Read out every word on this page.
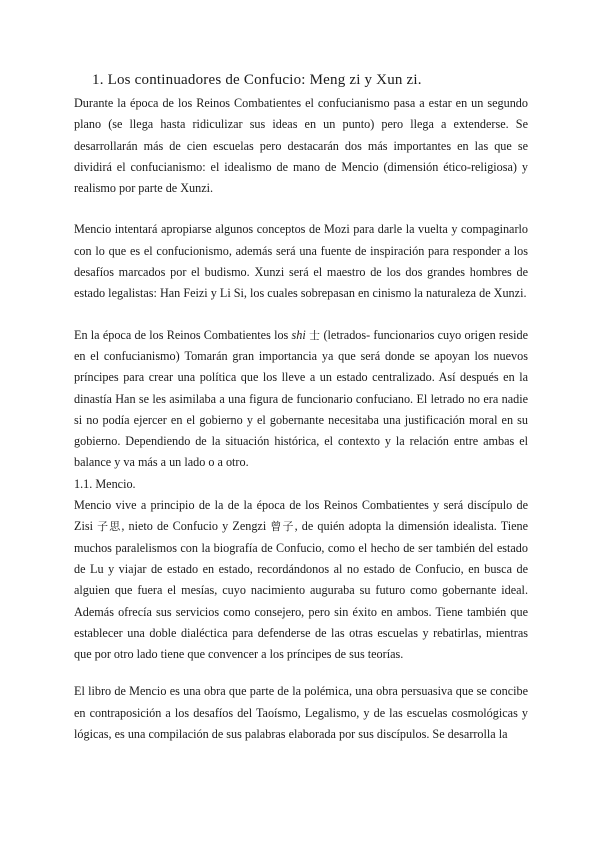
1. Los continuadores de Confucio: Meng zi y Xun zi.

Durante la época de los Reinos Combatientes el confucianismo pasa a estar en un segundo plano (se llega hasta ridiculizar sus ideas en un punto) pero llega a extenderse. Se desarrollarán más de cien escuelas pero destacarán dos más importantes en las que se dividirá el confucianismo: el idealismo de mano de Mencio (dimensión ético-religiosa) y realismo por parte de Xunzi.

Mencio intentará apropiarse algunos conceptos de Mozi para darle la vuelta y compaginarlo con lo que es el confucionismo, además será una fuente de inspiración para responder a los desafíos marcados por el budismo. Xunzi será el maestro de los dos grandes hombres de estado legalistas: Han Feizi y Li Si, los cuales sobrepasan en cinismo la naturaleza de Xunzi.

En la época de los Reinos Combatientes los shi 士 (letrados- funcionarios cuyo origen reside en el confucianismo) Tomarán gran importancia ya que será donde se apoyan los nuevos príncipes para crear una política que los lleve a un estado centralizado. Así después en la dinastía Han se les asimilaba a una figura de funcionario confuciano. El letrado no era nadie si no podía ejercer en el gobierno y el gobernante necesitaba una justificación moral en su gobierno. Dependiendo de la situación histórica, el contexto y la relación entre ambas el balance y va más a un lado o a otro.

1.1. Mencio.

Mencio vive a principio de la de la época de los Reinos Combatientes y será discípulo de Zisi 子思, nieto de Confucio y Zengzi 曾子, de quién adopta la dimensión idealista. Tiene muchos paralelismos con la biografía de Confucio, como el hecho de ser también del estado de Lu y viajar de estado en estado, recordándonos al no estado de Confucio, en busca de alguien que fuera el mesías, cuyo nacimiento auguraba su futuro como gobernante ideal. Además ofrecía sus servicios como consejero, pero sin éxito en ambos. Tiene también que establecer una doble dialéctica para defenderse de las otras escuelas y rebatirlas, mientras que por otro lado tiene que convencer a los príncipes de sus teorías.

El libro de Mencio es una obra que parte de la polémica, una obra persuasiva que se concibe en contraposición a los desafíos del Taoísmo, Legalismo, y de las escuelas cosmológicas y lógicas, es una compilación de sus palabras elaborada por sus discípulos. Se desarrolla la
